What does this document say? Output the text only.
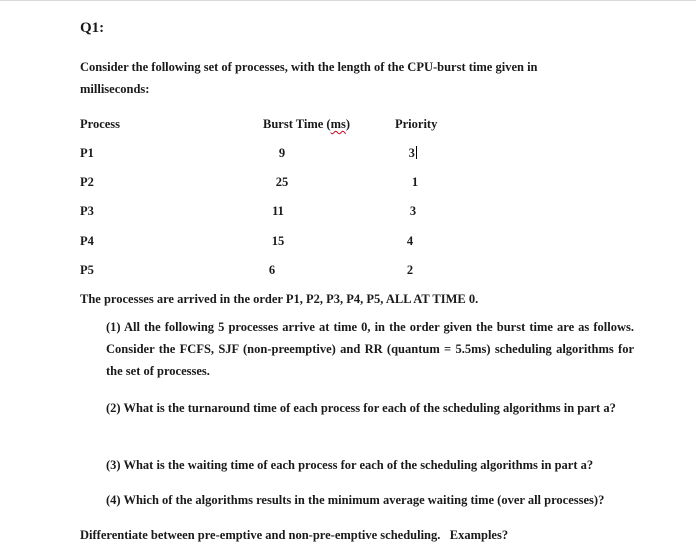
Q1:
Consider the following set of processes, with the length of the CPU-burst time given in
milliseconds:
Process	Burst Time (ms)	Priority
P1	9	3
P2	25	1
P3	11	3
P4	15	4
P5	6	2
The processes are arrived in the order P1, P2, P3, P4, P5, ALL AT TIME 0.
(1) All the following 5 processes arrive at time 0, in the order given the burst time are as follows. Consider the FCFS, SJF (non-preemptive) and RR (quantum = 5.5ms) scheduling algorithms for the set of processes.
(2) What is the turnaround time of each process for each of the scheduling algorithms in part a?
(3) What is the waiting time of each process for each of the scheduling algorithms in part a?
(4) Which of the algorithms results in the minimum average waiting time (over all processes)?
Differentiate between pre-emptive and non-pre-emptive scheduling.   Examples?
